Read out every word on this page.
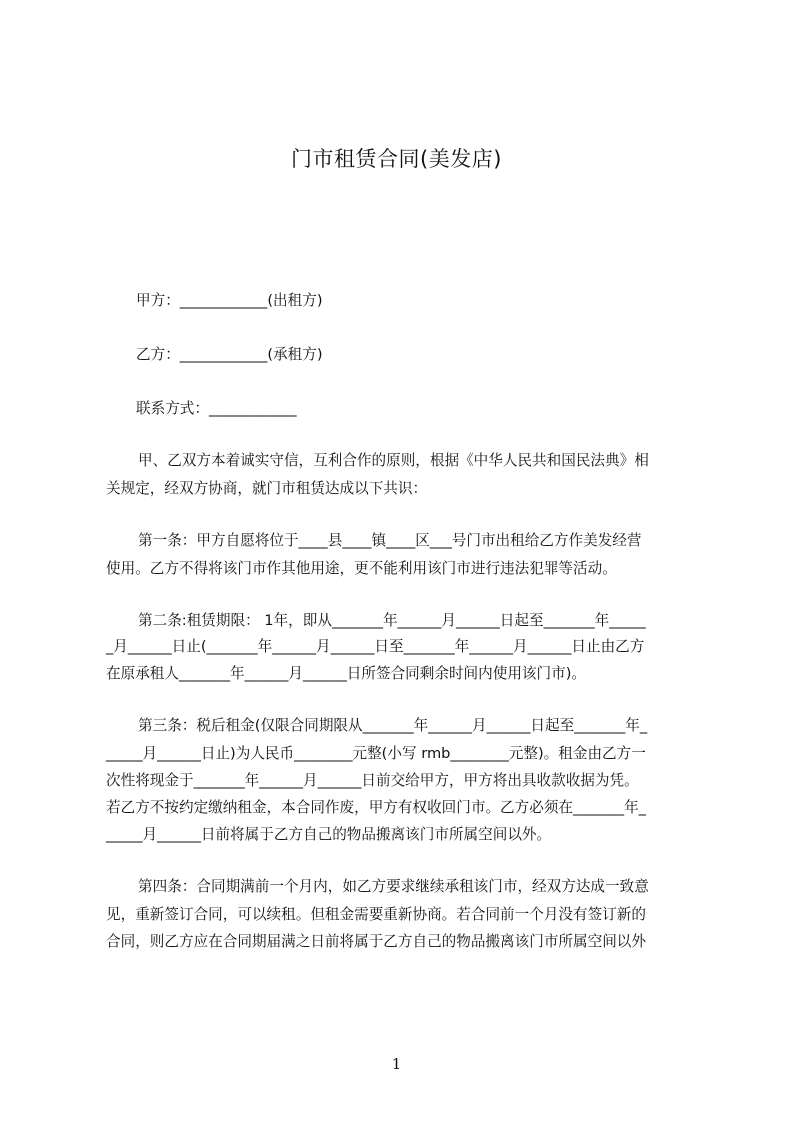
门市租赁合同(美发店)
甲方：____________(出租方)
乙方：____________(承租方)
联系方式：____________
甲、乙双方本着诚实守信，互利合作的原则，根据《中华人民共和国民法典》相
关规定，经双方协商，就门市租赁达成以下共识：
第一条：甲方自愿将位于____县____镇____区___号门市出租给乙方作美发经营
使用。乙方不得将该门市作其他用途，更不能利用该门市进行违法犯罪等活动。
第二条:租赁期限： 1年，即从_______年______月______日起至_______年_____
_月______日止(_______年______月______日至_______年______月______日止由乙方
在原承租人_______年______月______日所签合同剩余时间内使用该门市)。
第三条：税后租金(仅限合同期限从_______年______月______日起至_______年_
_____月______日止)为人民币________元整(小写 rmb________元整)。租金由乙方一
次性将现金于_______年______月______日前交给甲方，甲方将出具收款收据为凭。
若乙方不按约定缴纳租金，本合同作废，甲方有权收回门市。乙方必须在_______年_
_____月______日前将属于乙方自己的物品搬离该门市所属空间以外。
第四条：合同期满前一个月内，如乙方要求继续承租该门市，经双方达成一致意
见，重新签订合同，可以续租。但租金需要重新协商。若合同前一个月没有签订新的
合同，则乙方应在合同期届满之日前将属于乙方自己的物品搬离该门市所属空间以外
1
